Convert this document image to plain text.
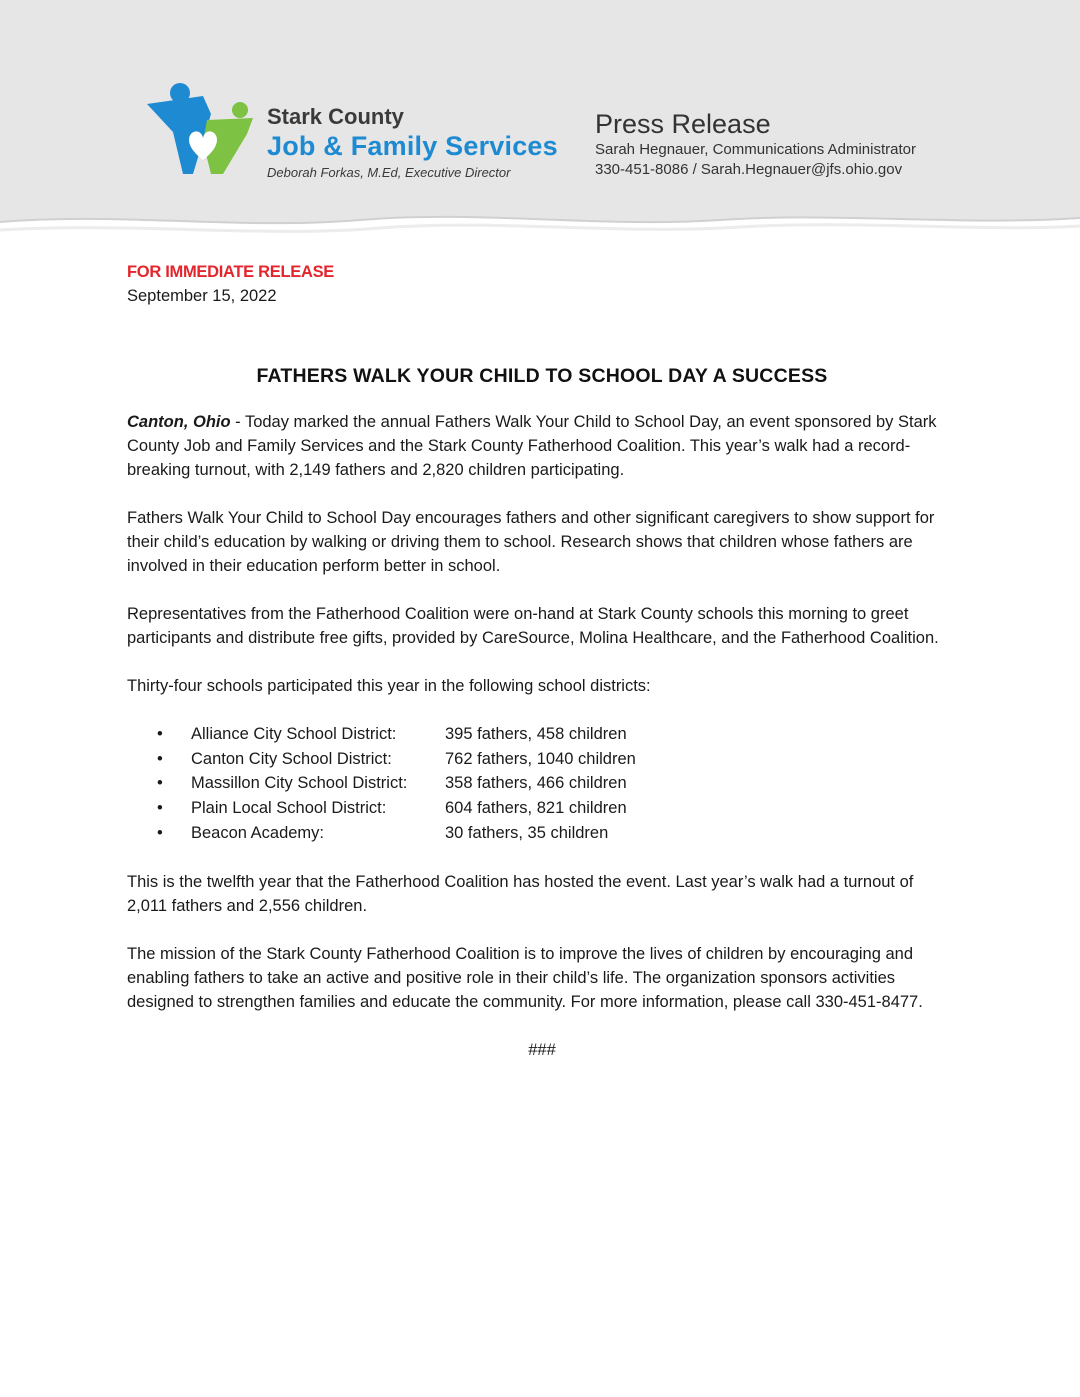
Stark County
Job & Family Services
Deborah Forkas, M.Ed, Executive Director
Press Release
Sarah Hegnauer, Communications Administrator
330-451-8086 / Sarah.Hegnauer@jfs.ohio.gov
FOR IMMEDIATE RELEASE
September 15, 2022
FATHERS WALK YOUR CHILD TO SCHOOL DAY A SUCCESS

Canton, Ohio - Today marked the annual Fathers Walk Your Child to School Day, an event sponsored by Stark County Job and Family Services and the Stark County Fatherhood Coalition. This year’s walk had a record-breaking turnout, with 2,149 fathers and 2,820 children participating.

Fathers Walk Your Child to School Day encourages fathers and other significant caregivers to show support for their child’s education by walking or driving them to school. Research shows that children whose fathers are involved in their education perform better in school.

Representatives from the Fatherhood Coalition were on-hand at Stark County schools this morning to greet participants and distribute free gifts, provided by CareSource, Molina Healthcare, and the Fatherhood Coalition.

Thirty-four schools participated this year in the following school districts:

•	Alliance City School District:	395 fathers, 458 children
•	Canton City School District:	762 fathers, 1040 children
•	Massillon City School District:	358 fathers, 466 children
•	Plain Local School District:	604 fathers, 821 children
•	Beacon Academy:	30 fathers, 35 children

This is the twelfth year that the Fatherhood Coalition has hosted the event. Last year’s walk had a turnout of 2,011 fathers and 2,556 children.

The mission of the Stark County Fatherhood Coalition is to improve the lives of children by encouraging and enabling fathers to take an active and positive role in their child’s life. The organization sponsors activities designed to strengthen families and educate the community. For more information, please call 330-451-8477.

###
